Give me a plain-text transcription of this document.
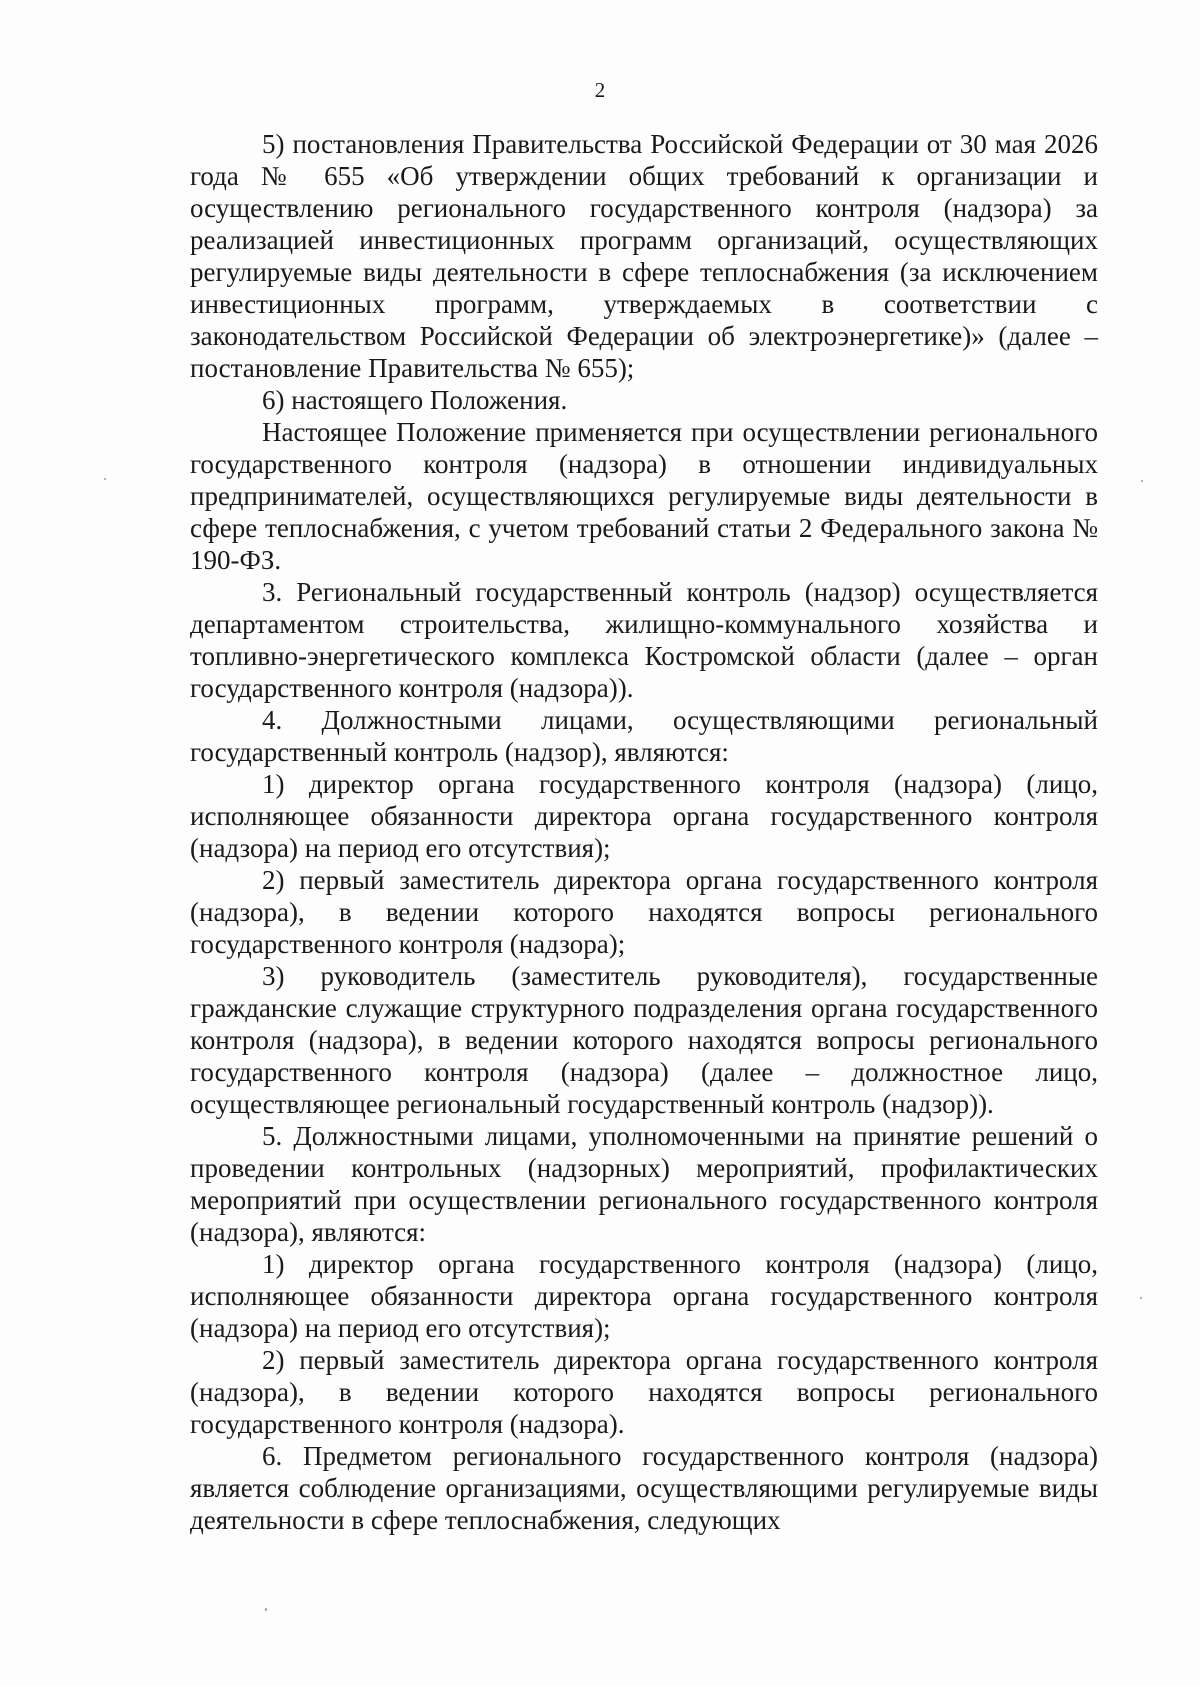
2

5) постановления Правительства Российской Федерации от 30 мая 2026 года № 655 «Об утверждении общих требований к организации и осуществлению регионального государственного контроля (надзора) за реализацией инвестиционных программ организаций, осуществляющих регулируемые виды деятельности в сфере теплоснабжения (за исключением инвестиционных программ, утверждаемых в соответствии с законодательством Российской Федерации об электроэнергетике)» (далее – постановление Правительства № 655);

6) настоящего Положения.

Настоящее Положение применяется при осуществлении регионального государственного контроля (надзора) в отношении индивидуальных предпринимателей, осуществляющихся регулируемые виды деятельности в сфере теплоснабжения, с учетом требований статьи 2 Федерального закона № 190-ФЗ.

3. Региональный государственный контроль (надзор) осуществляется департаментом строительства, жилищно-коммунального хозяйства и топливно-энергетического комплекса Костромской области (далее – орган государственного контроля (надзора)).

4. Должностными лицами, осуществляющими региональный государственный контроль (надзор), являются:

1) директор органа государственного контроля (надзора) (лицо, исполняющее обязанности директора органа государственного контроля (надзора) на период его отсутствия);

2) первый заместитель директора органа государственного контроля (надзора), в ведении которого находятся вопросы регионального государственного контроля (надзора);

3) руководитель (заместитель руководителя), государственные гражданские служащие структурного подразделения органа государственного контроля (надзора), в ведении которого находятся вопросы регионального государственного контроля (надзора) (далее – должностное лицо, осуществляющее региональный государственный контроль (надзор)).

5. Должностными лицами, уполномоченными на принятие решений о проведении контрольных (надзорных) мероприятий, профилактических мероприятий при осуществлении регионального государственного контроля (надзора), являются:

1) директор органа государственного контроля (надзора) (лицо, исполняющее обязанности директора органа государственного контроля (надзора) на период его отсутствия);

2) первый заместитель директора органа государственного контроля (надзора), в ведении которого находятся вопросы регионального государственного контроля (надзора).

6. Предметом регионального государственного контроля (надзора) является соблюдение организациями, осуществляющими регулируемые виды деятельности в сфере теплоснабжения, следующих
